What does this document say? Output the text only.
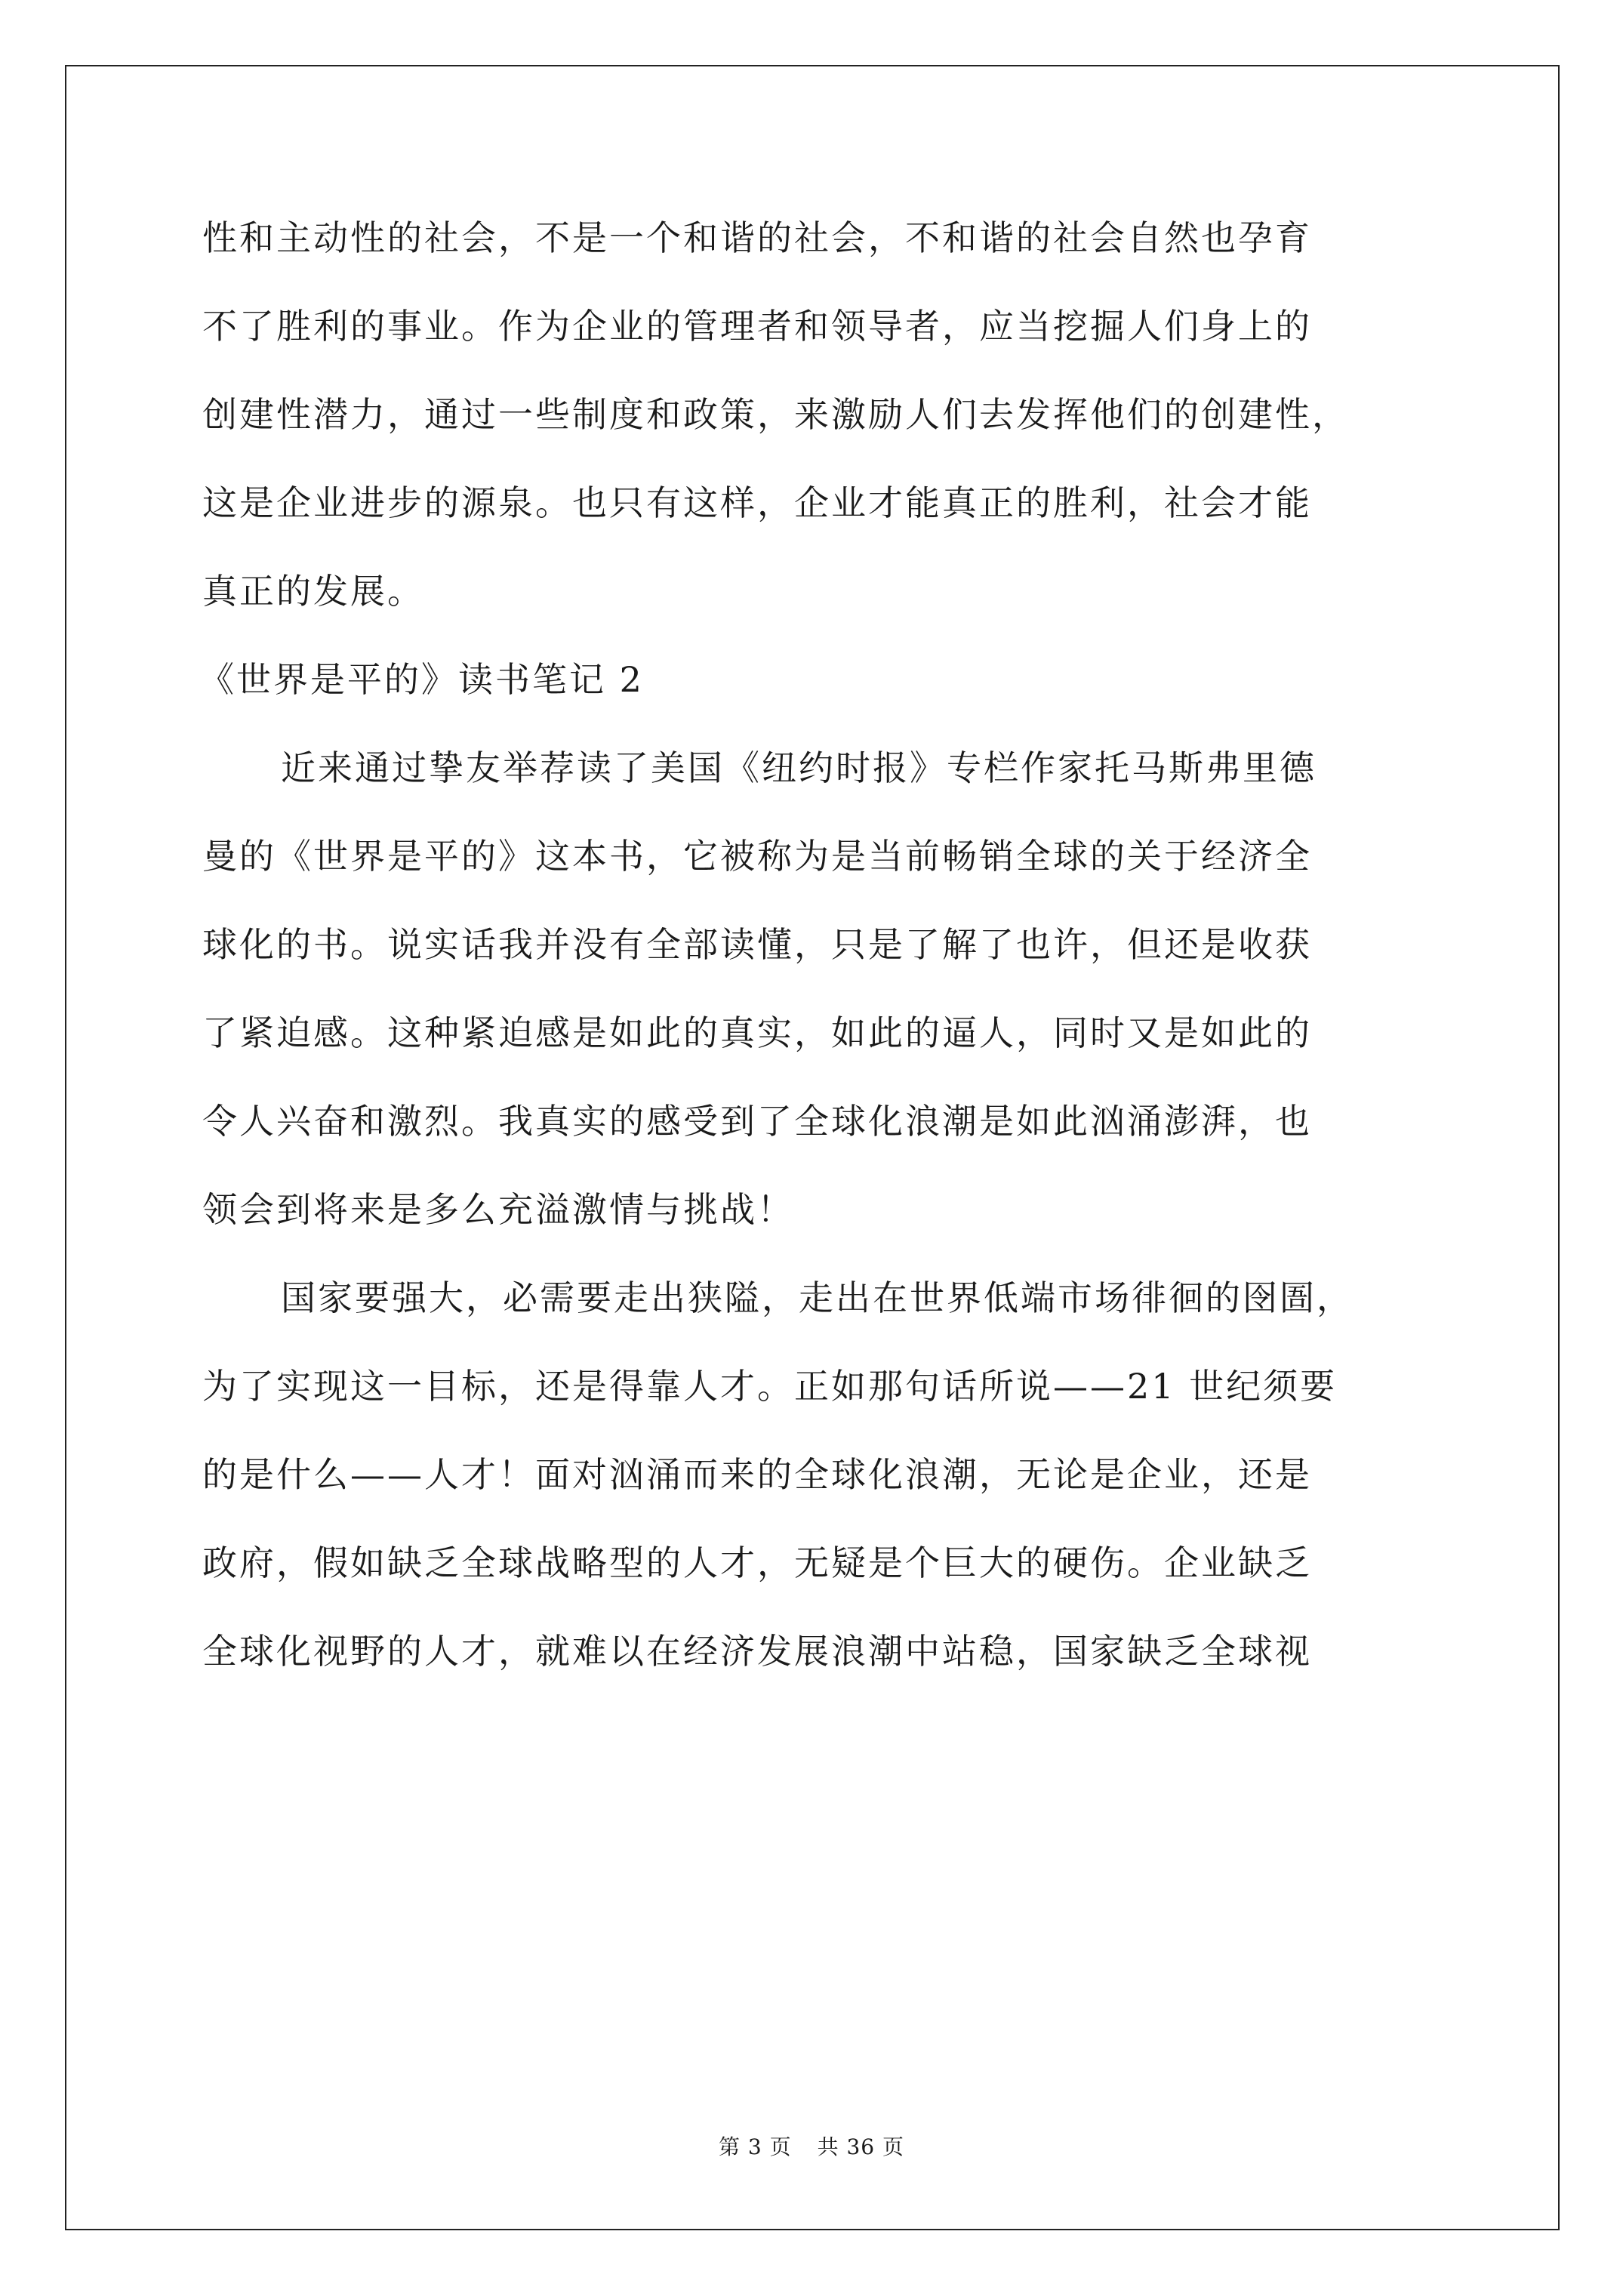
性和主动性的社会，不是一个和谐的社会，不和谐的社会自然也孕育
不了胜利的事业。作为企业的管理者和领导者，应当挖掘人们身上的
创建性潜力，通过一些制度和政策，来激励人们去发挥他们的创建性，
这是企业进步的源泉。也只有这样，企业才能真正的胜利，社会才能
真正的发展。
《世界是平的》读书笔记 2
近来通过挚友举荐读了美国《纽约时报》专栏作家托马斯弗里德
曼的《世界是平的》这本书，它被称为是当前畅销全球的关于经济全
球化的书。说实话我并没有全部读懂，只是了解了也许，但还是收获
了紧迫感。这种紧迫感是如此的真实，如此的逼人，同时又是如此的
令人兴奋和激烈。我真实的感受到了全球化浪潮是如此汹涌澎湃，也
领会到将来是多么充溢激情与挑战！
国家要强大，必需要走出狭隘，走出在世界低端市场徘徊的囹圄，
为了实现这一目标，还是得靠人才。正如那句话所说——21 世纪须要
的是什么——人才！面对汹涌而来的全球化浪潮，无论是企业，还是
政府，假如缺乏全球战略型的人才，无疑是个巨大的硬伤。企业缺乏
全球化视野的人才，就难以在经济发展浪潮中站稳，国家缺乏全球视
第 3 页 共 36 页
